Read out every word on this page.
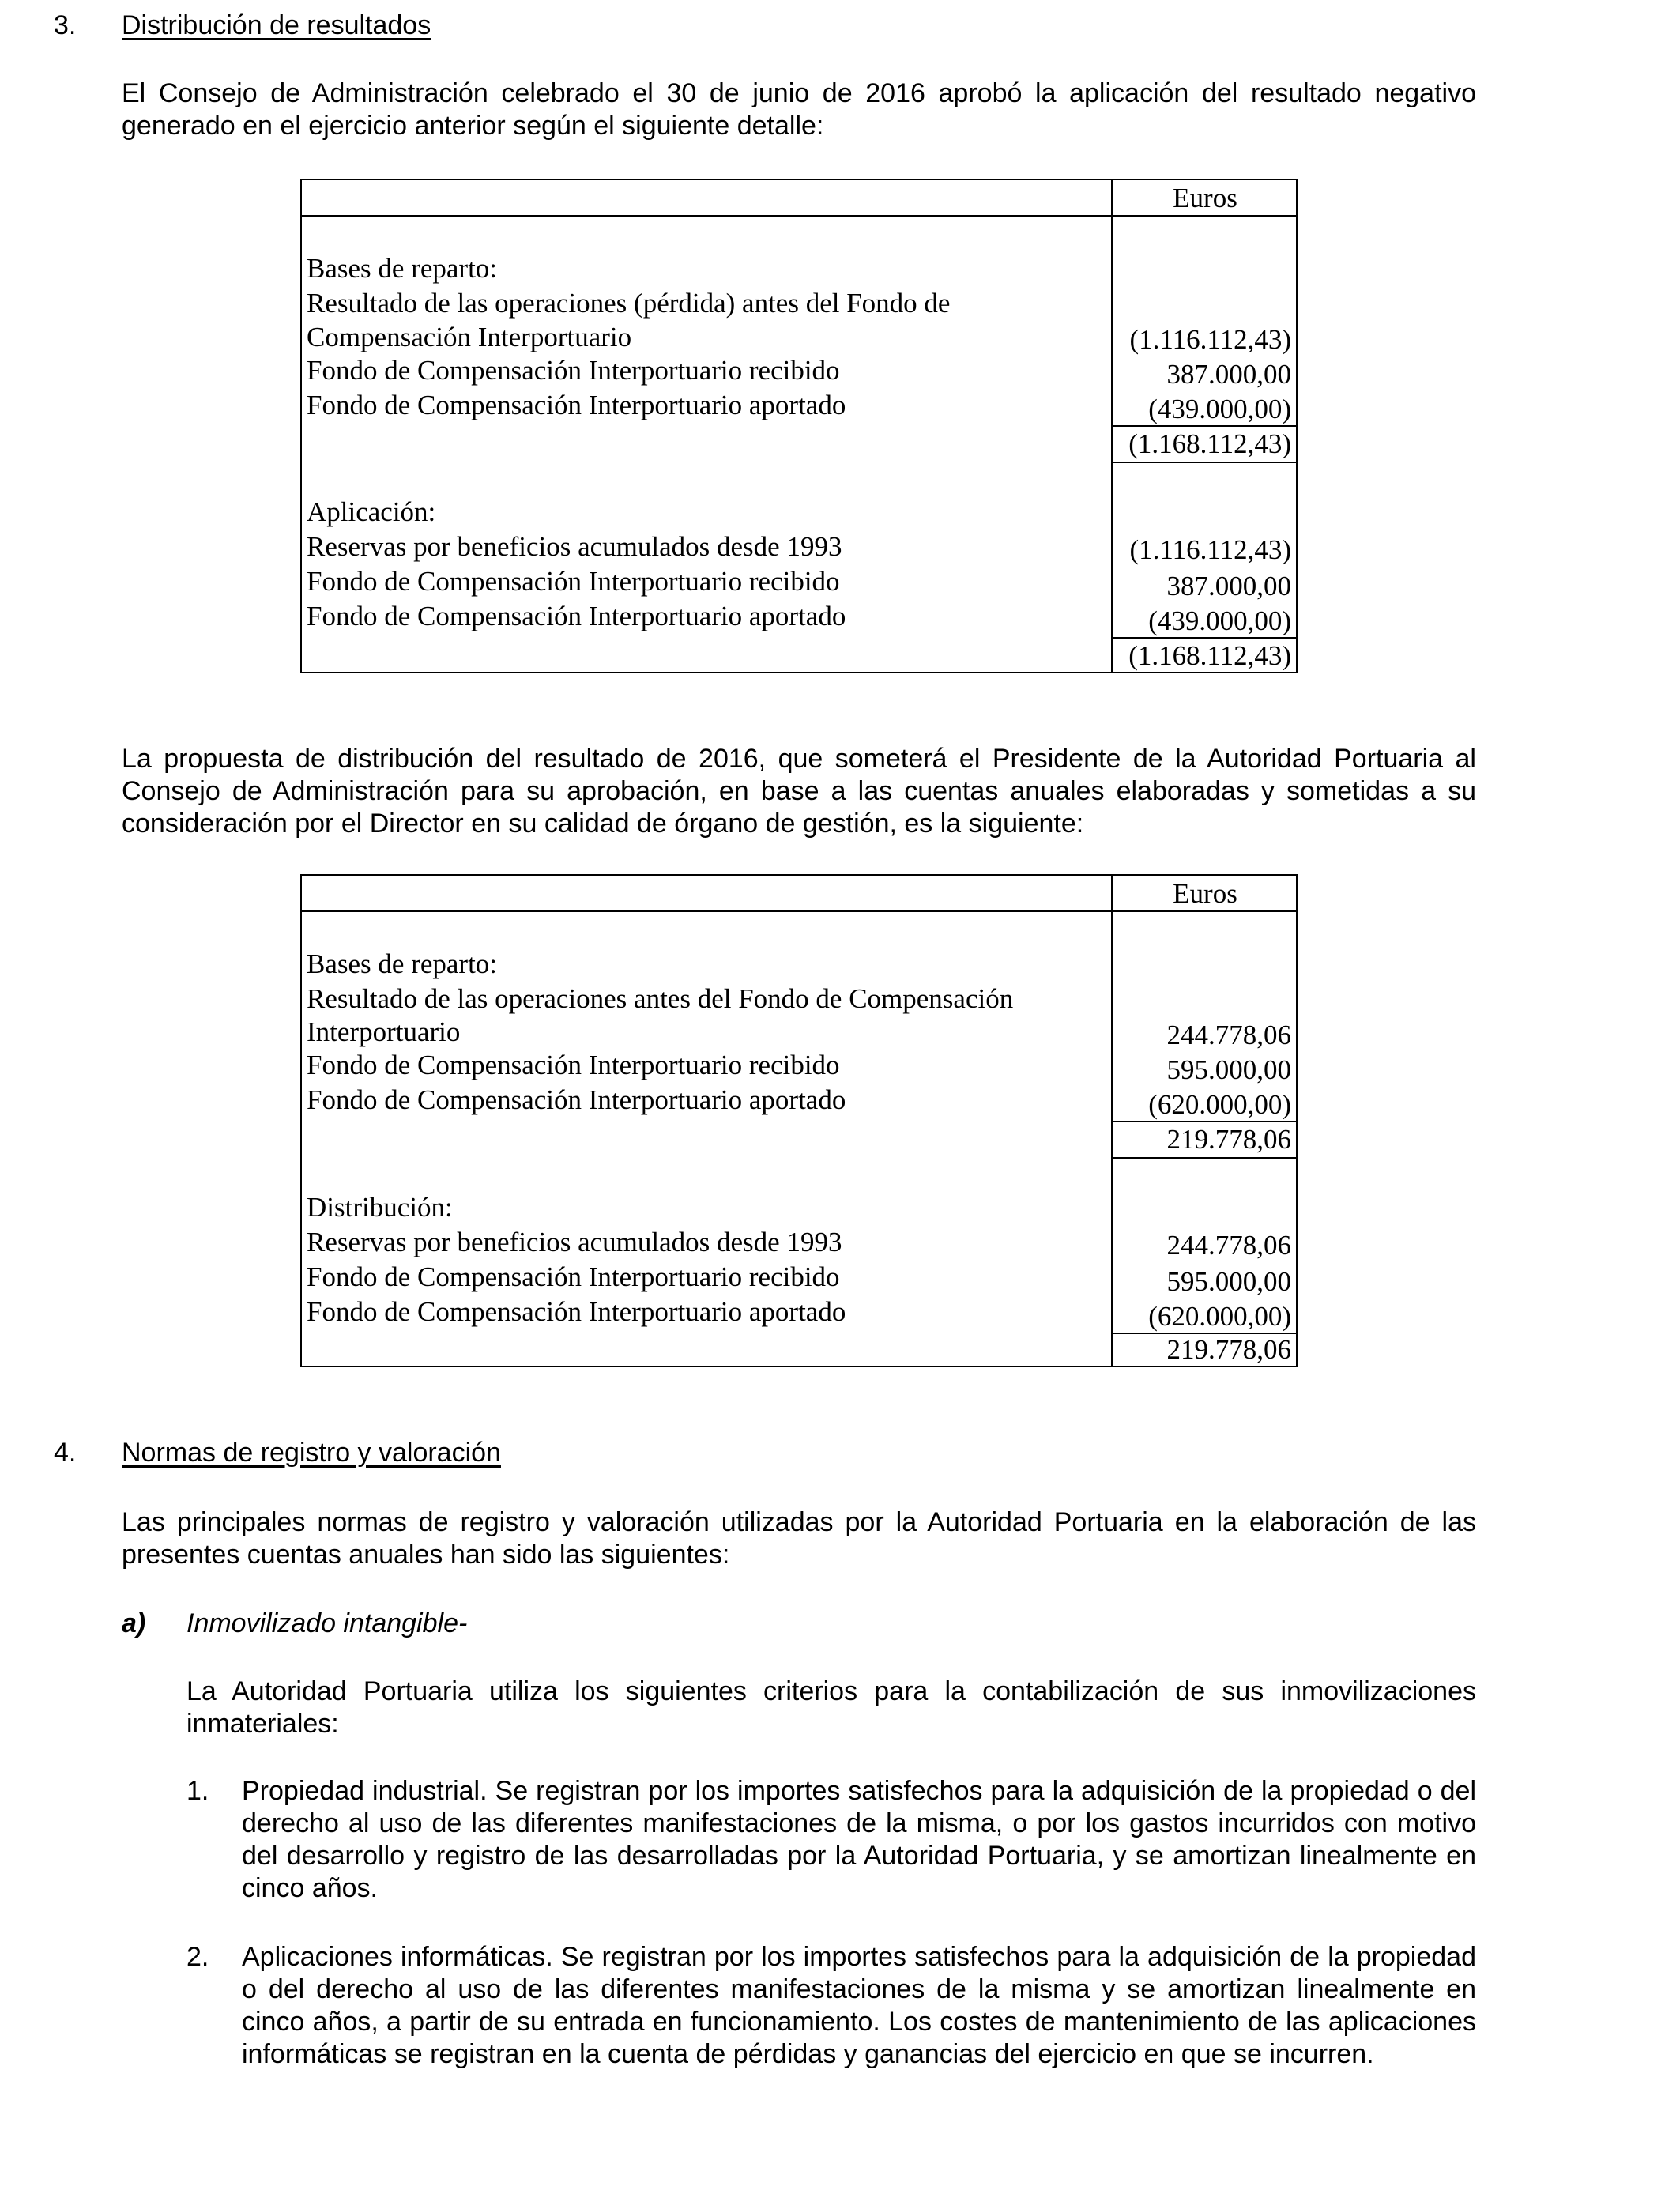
3. Distribución de resultados

El Consejo de Administración celebrado el 30 de junio de 2016 aprobó la aplicación del resultado negativo generado en el ejercicio anterior según el siguiente detalle:

Euros
Bases de reparto:
Resultado de las operaciones (pérdida) antes del Fondo de
Compensación Interportuario	(1.116.112,43)
Fondo de Compensación Interportuario recibido	387.000,00
Fondo de Compensación Interportuario aportado	(439.000,00)
(1.168.112,43)
Aplicación:
Reservas por beneficios acumulados desde 1993	(1.116.112,43)
Fondo de Compensación Interportuario recibido	387.000,00
Fondo de Compensación Interportuario aportado	(439.000,00)
(1.168.112,43)

La propuesta de distribución del resultado de 2016, que someterá el Presidente de la Autoridad Portuaria al Consejo de Administración para su aprobación, en base a las cuentas anuales elaboradas y sometidas a su consideración por el Director en su calidad de órgano de gestión, es la siguiente:

Euros
Bases de reparto:
Resultado de las operaciones antes del Fondo de Compensación
Interportuario	244.778,06
Fondo de Compensación Interportuario recibido	595.000,00
Fondo de Compensación Interportuario aportado	(620.000,00)
219.778,06
Distribución:
Reservas por beneficios acumulados desde 1993	244.778,06
Fondo de Compensación Interportuario recibido	595.000,00
Fondo de Compensación Interportuario aportado	(620.000,00)
219.778,06
4. Normas de registro y valoración

Las principales normas de registro y valoración utilizadas por la Autoridad Portuaria en la elaboración de las presentes cuentas anuales han sido las siguientes:

a) Inmovilizado intangible-

La Autoridad Portuaria utiliza los siguientes criterios para la contabilización de sus inmovilizaciones inmateriales:

1. Propiedad industrial. Se registran por los importes satisfechos para la adquisición de la propiedad o del derecho al uso de las diferentes manifestaciones de la misma, o por los gastos incurridos con motivo del desarrollo y registro de las desarrolladas por la Autoridad Portuaria, y se amortizan linealmente en cinco años.

2. Aplicaciones informáticas. Se registran por los importes satisfechos para la adquisición de la propiedad o del derecho al uso de las diferentes manifestaciones de la misma y se amortizan linealmente en cinco años, a partir de su entrada en funcionamiento. Los costes de mantenimiento de las aplicaciones informáticas se registran en la cuenta de pérdidas y ganancias del ejercicio en que se incurren.
